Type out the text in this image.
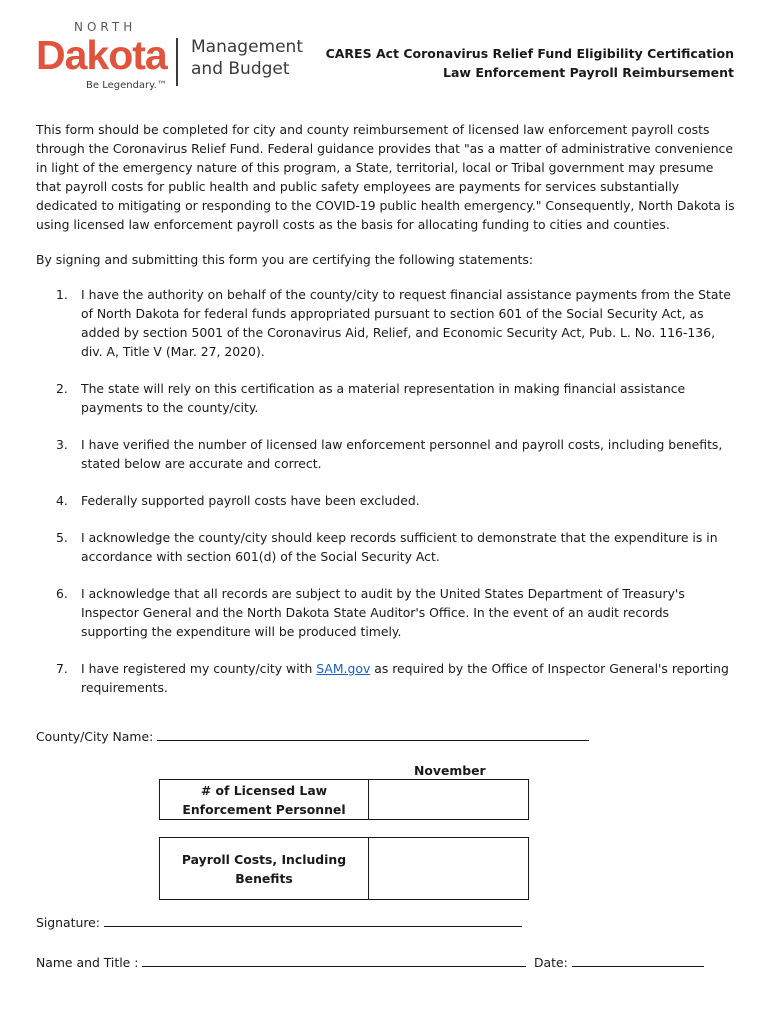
NORTH
Dakota
Be Legendary.™
Management
and Budget
CARES Act Coronavirus Relief Fund Eligibility Certification
Law Enforcement Payroll Reimbursement

This form should be completed for city and county reimbursement of licensed law enforcement payroll costs through the Coronavirus Relief Fund. Federal guidance provides that "as a matter of administrative convenience in light of the emergency nature of this program, a State, territorial, local or Tribal government may presume that payroll costs for public health and public safety employees are payments for services substantially dedicated to mitigating or responding to the COVID-19 public health emergency." Consequently, North Dakota is using licensed law enforcement payroll costs as the basis for allocating funding to cities and counties.

By signing and submitting this form you are certifying the following statements:

1. I have the authority on behalf of the county/city to request financial assistance payments from the State of North Dakota for federal funds appropriated pursuant to section 601 of the Social Security Act, as added by section 5001 of the Coronavirus Aid, Relief, and Economic Security Act, Pub. L. No. 116-136, div. A, Title V (Mar. 27, 2020).
2. The state will rely on this certification as a material representation in making financial assistance payments to the county/city.
3. I have verified the number of licensed law enforcement personnel and payroll costs, including benefits, stated below are accurate and correct.
4. Federally supported payroll costs have been excluded.
5. I acknowledge the county/city should keep records sufficient to demonstrate that the expenditure is in accordance with section 601(d) of the Social Security Act.
6. I acknowledge that all records are subject to audit by the United States Department of Treasury's Inspector General and the North Dakota State Auditor's Office. In the event of an audit records supporting the expenditure will be produced timely.
7. I have registered my county/city with SAM.gov as required by the Office of Inspector General's reporting requirements.
County/City Name:
November
# of Licensed Law Enforcement Personnel
Payroll Costs, Including Benefits
Signature:
Name and Title :	Date:
